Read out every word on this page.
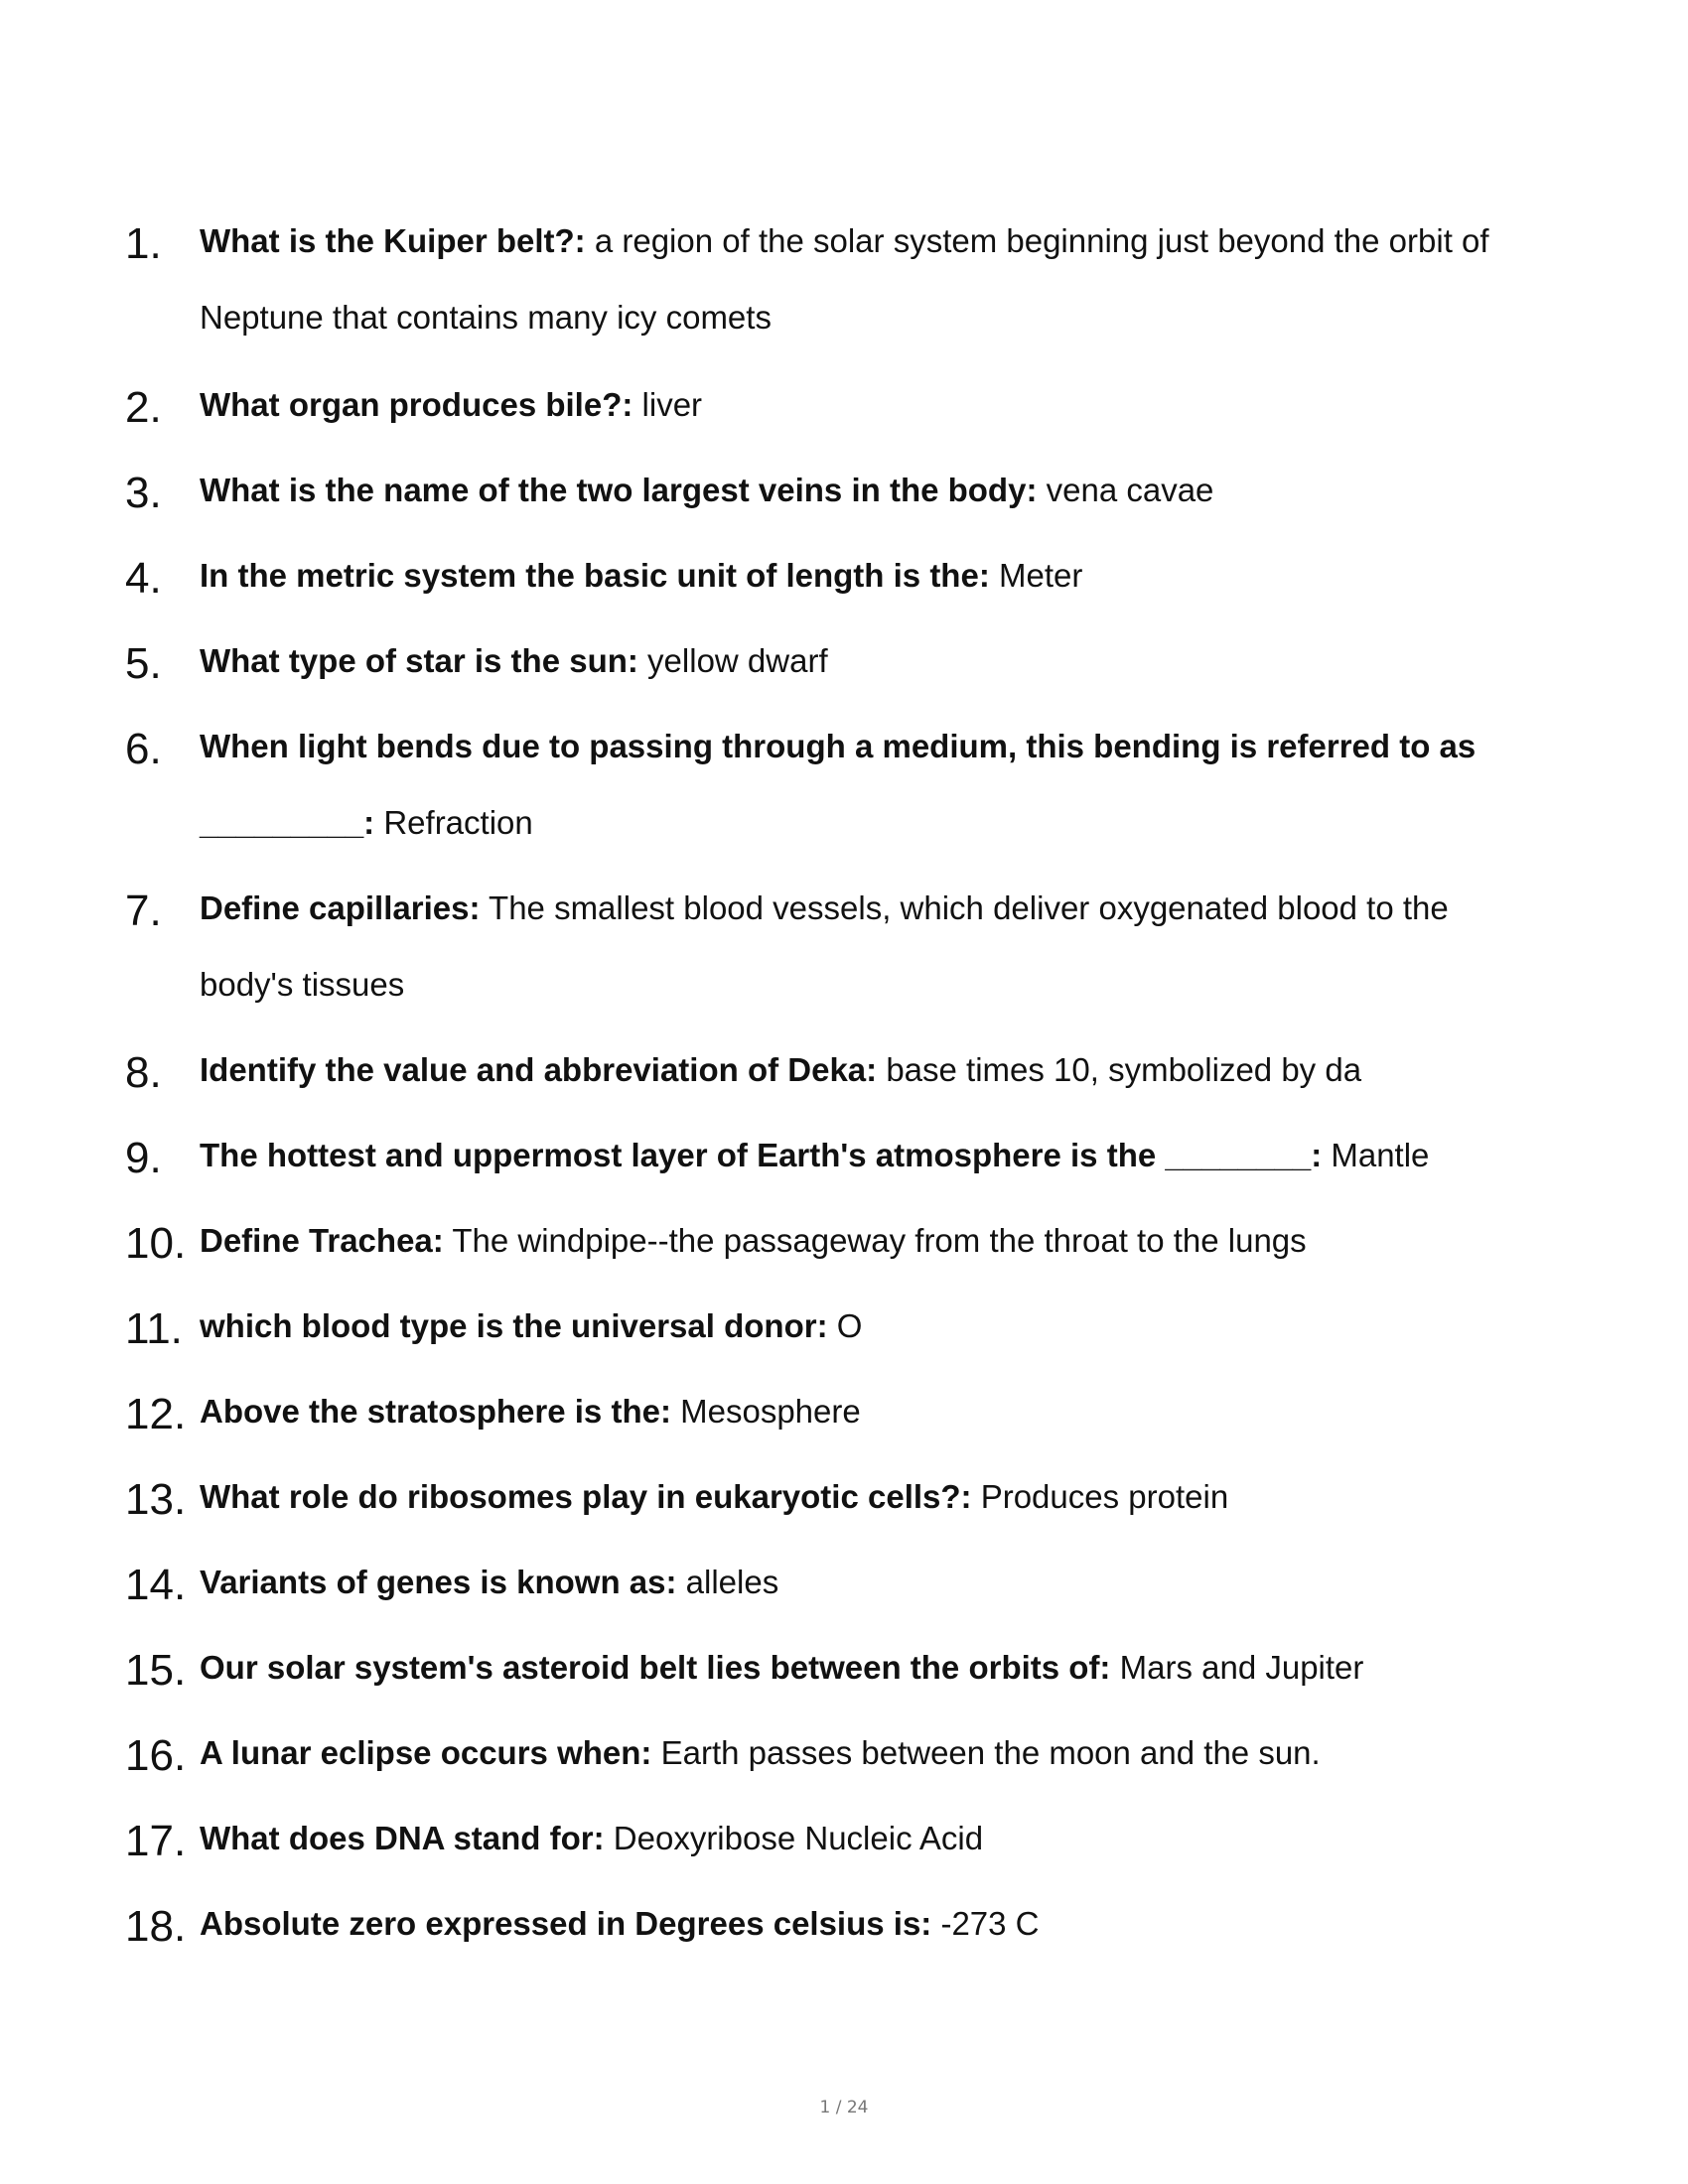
1. What is the Kuiper belt?: a region of the solar system beginning just beyond the orbit of Neptune that contains many icy comets
2. What organ produces bile?: liver
3. What is the name of the two largest veins in the body: vena cavae
4. In the metric system the basic unit of length is the: Meter
5. What type of star is the sun: yellow dwarf
6. When light bends due to passing through a medium, this bending is referred to as _________: Refraction
7. Define capillaries: The smallest blood vessels, which deliver oxygenated blood to the body's tissues
8. Identify the value and abbreviation of Deka: base times 10, symbolized by da
9. The hottest and uppermost layer of Earth's atmosphere is the ________: Mantle
10. Define Trachea: The windpipe--the passageway from the throat to the lungs
11. which blood type is the universal donor: O
12. Above the stratosphere is the: Mesosphere
13. What role do ribosomes play in eukaryotic cells?: Produces protein
14. Variants of genes is known as: alleles
15. Our solar system's asteroid belt lies between the orbits of: Mars and Jupiter
16. A lunar eclipse occurs when: Earth passes between the moon and the sun.
17. What does DNA stand for: Deoxyribose Nucleic Acid
18. Absolute zero expressed in Degrees celsius is: -273 C
1 / 24
